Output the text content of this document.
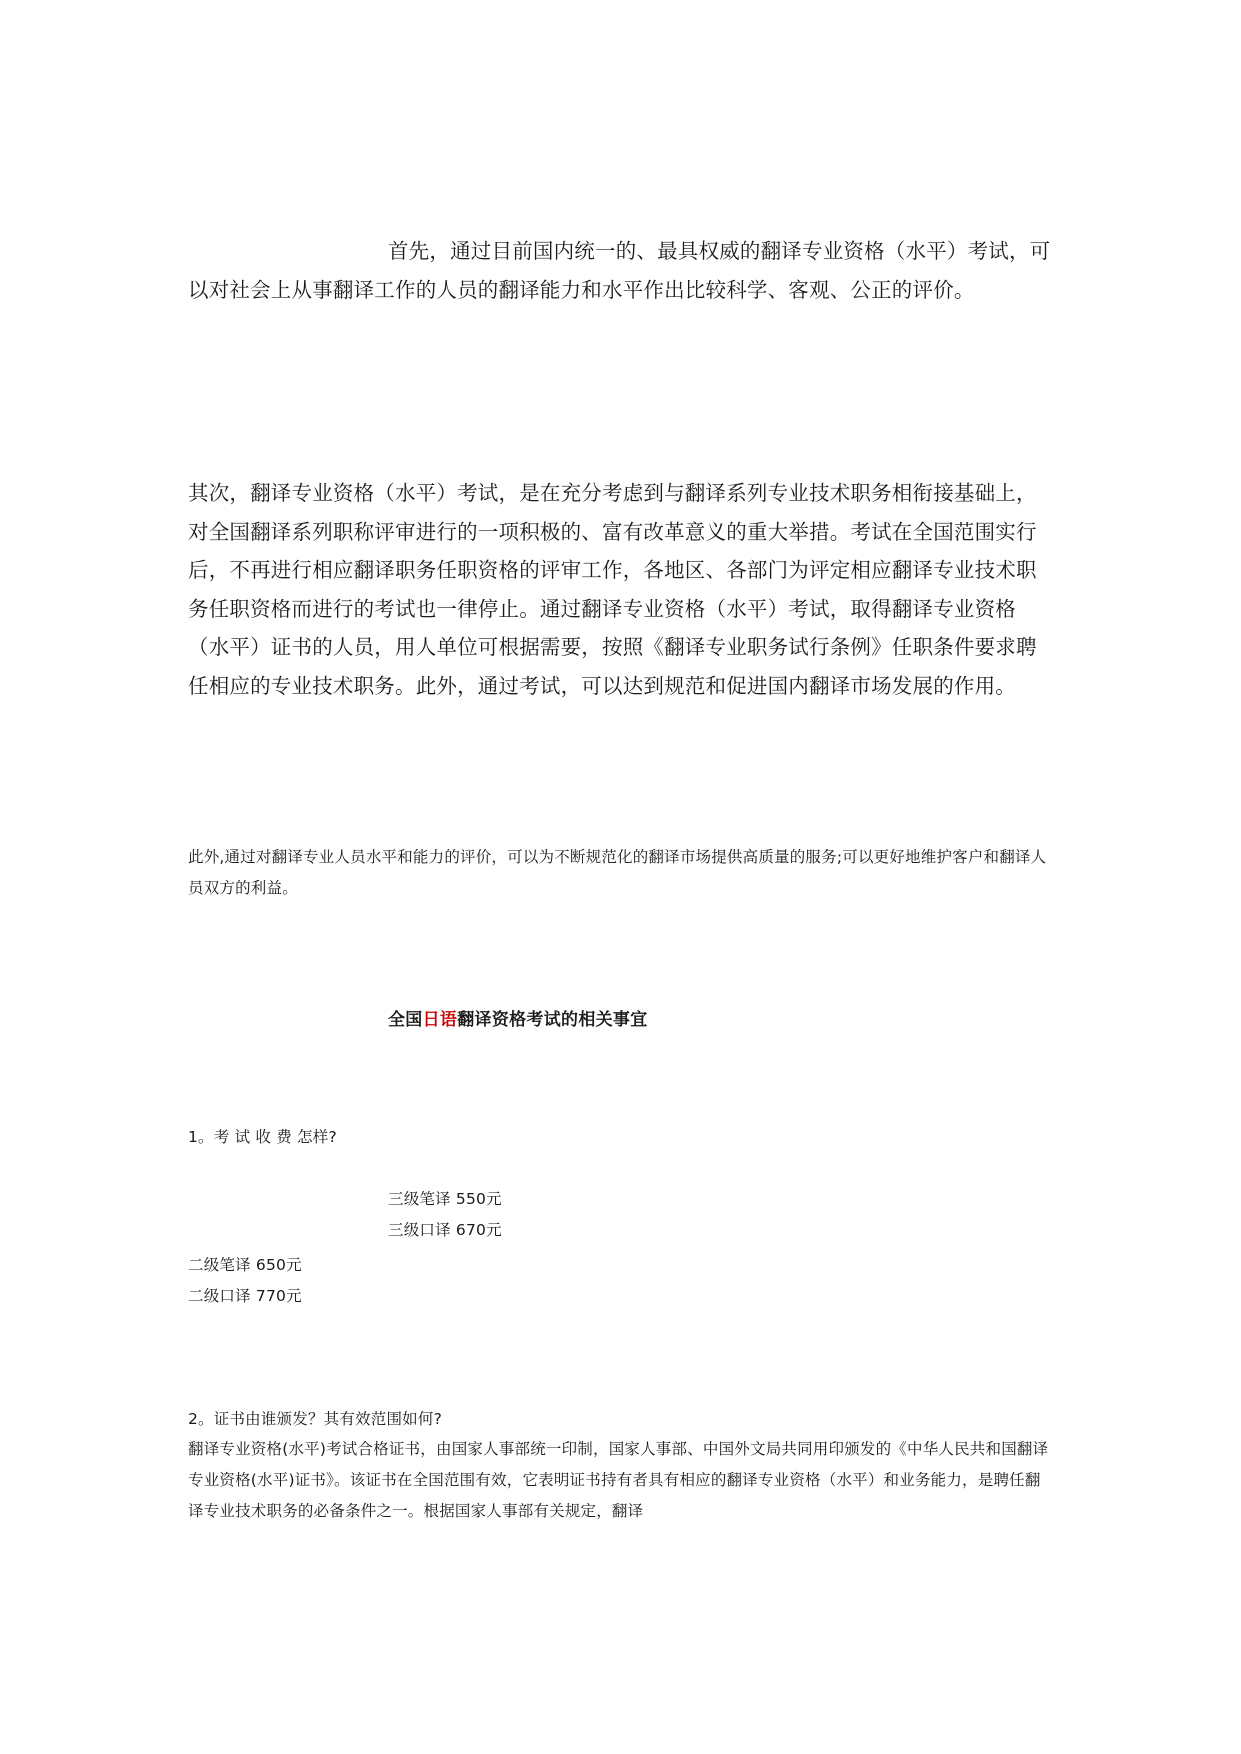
首先，通过目前国内统一的、最具权威的翻译专业资格（水平）考试，可以对社会上从事翻译工作的人员的翻译能力和水平作出比较科学、客观、公正的评价。

其次，翻译专业资格（水平）考试，是在充分考虑到与翻译系列专业技术职务相衔接基础上，对全国翻译系列职称评审进行的一项积极的、富有改革意义的重大举措。考试在全国范围实行后，不再进行相应翻译职务任职资格的评审工作，各地区、各部门为评定相应翻译专业技术职务任职资格而进行的考试也一律停止。通过翻译专业资格（水平）考试，取得翻译专业资格（水平）证书的人员，用人单位可根据需要，按照《翻译专业职务试行条例》任职条件要求聘任相应的专业技术职务。此外，通过考试，可以达到规范和促进国内翻译市场发展的作用。

此外,通过对翻译专业人员水平和能力的评价，可以为不断规范化的翻译市场提供高质量的服务;可以更好地维护客户和翻译人员双方的利益。

全国日语翻译资格考试的相关事宜

1。考 试 收 费 怎样?

三级笔译 550元
三级口译 670元
二级笔译 650元
二级口译 770元

2。证书由谁颁发？其有效范围如何?

翻译专业资格(水平)考试合格证书，由国家人事部统一印制，国家人事部、中国外文局共同用印颁发的《中华人民共和国翻译专业资格(水平)证书》。该证书在全国范围有效，它表明证书持有者具有相应的翻译专业资格（水平）和业务能力，是聘任翻译专业技术职务的必备条件之一。根据国家人事部有关规定，翻译
